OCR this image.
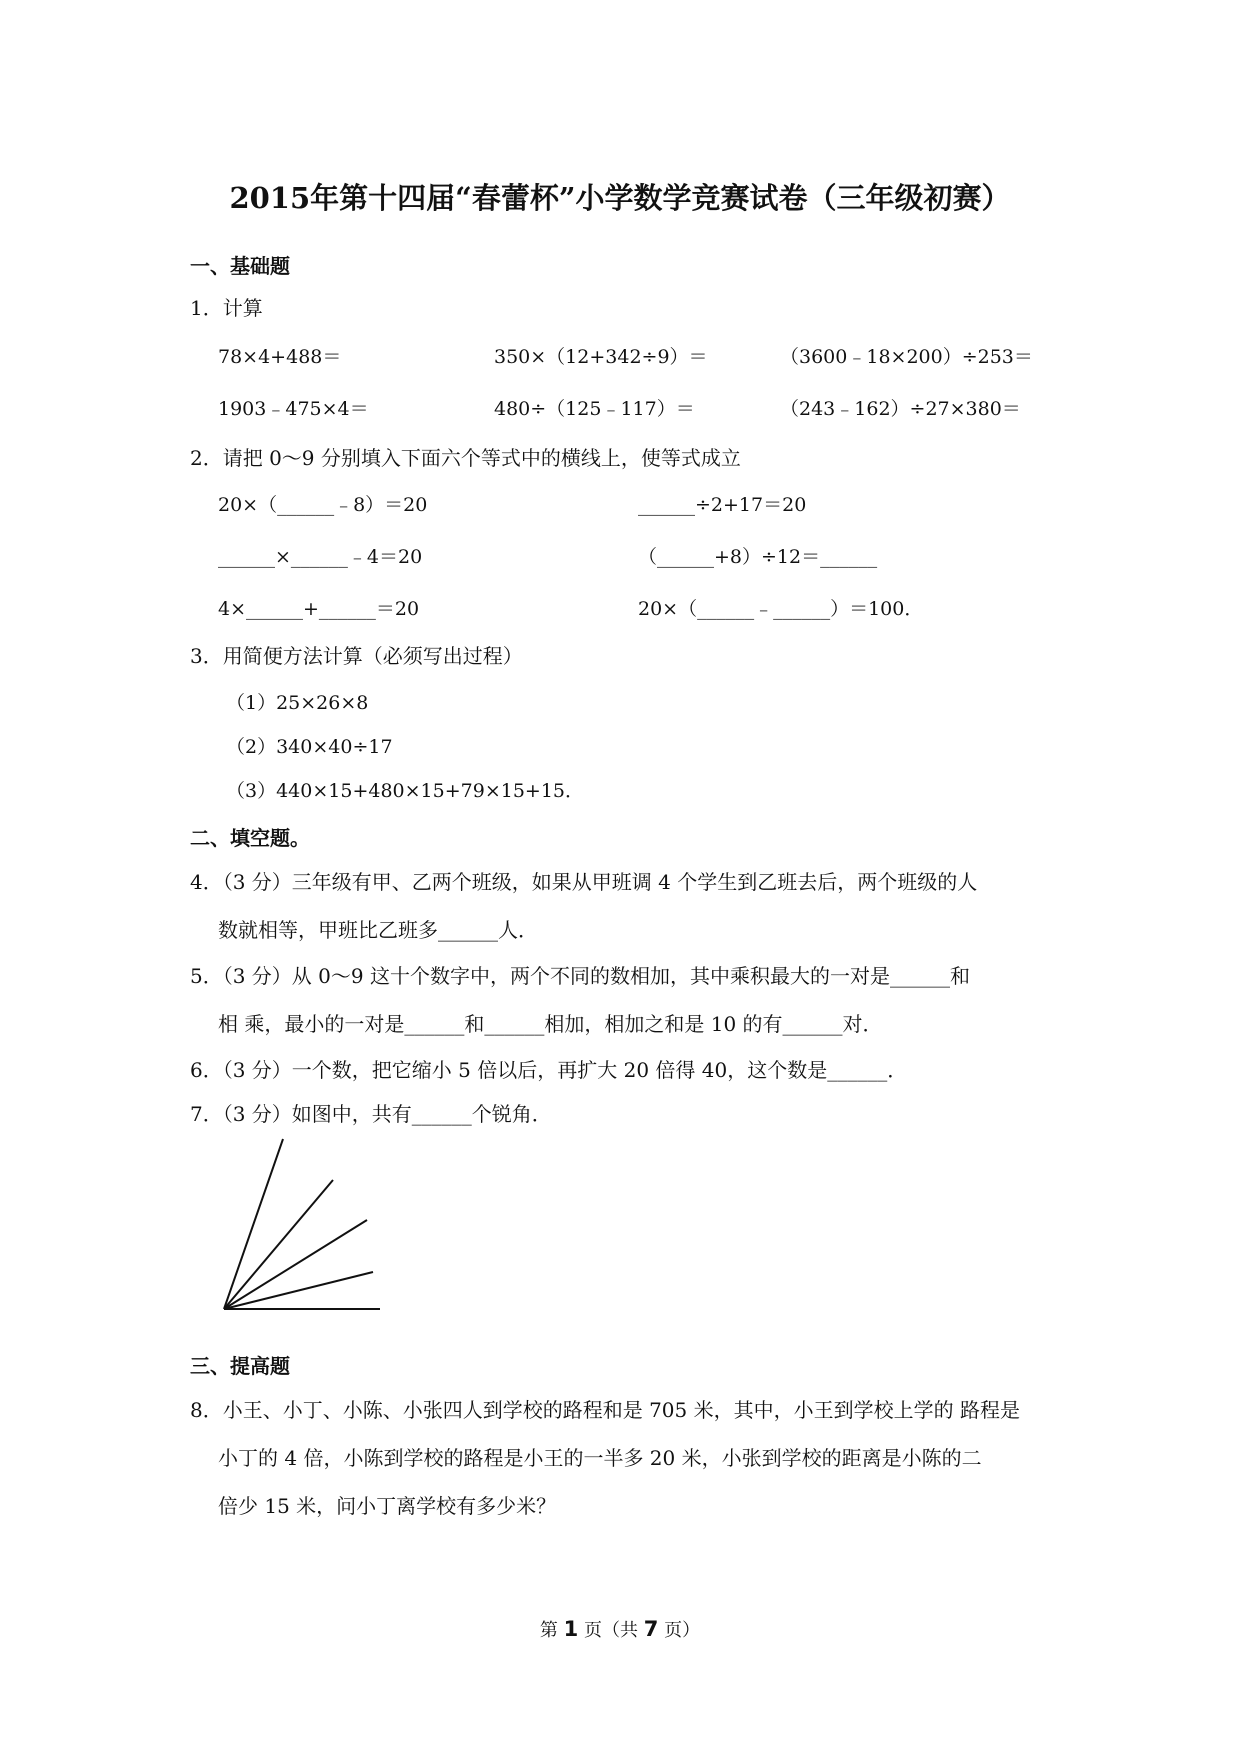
2015年第十四届“春蕾杯”小学数学竞赛试卷（三年级初赛）
一、基础题
1．计算
78×4+488＝	350×（12+342÷9）＝	（3600﹣18×200）÷253＝
1903﹣475×4＝	480÷（125﹣117）＝	（243﹣162）÷27×380＝
2．请把 0～9 分别填入下面六个等式中的横线上，使等式成立
20×（______﹣8）＝20	______÷2+17＝20
______×______﹣4＝20	（______+8）÷12＝______
4×______+______＝20	20×（______﹣______）＝100．
3．用简便方法计算（必须写出过程）
（1）25×26×8
（2）340×40÷17
（3）440×15+480×15+79×15+15．
二、填空题。
4．（3 分）三年级有甲、乙两个班级，如果从甲班调 4 个学生到乙班去后，两个班级的人
数就相等，甲班比乙班多______人．
5．（3 分）从 0～9 这十个数字中，两个不同的数相加，其中乘积最大的一对是______和
相 乘，最小的一对是______和______相加，相加之和是 10 的有______对．
6．（3 分）一个数，把它缩小 5 倍以后，再扩大 20 倍得 40，这个数是______．
7．（3 分）如图中，共有______个锐角．
三、提高题
8．小王、小丁、小陈、小张四人到学校的路程和是 705 米，其中，小王到学校上学的 路程是
小丁的 4 倍，小陈到学校的路程是小王的一半多 20 米，小张到学校的距离是小陈的二
倍少 15 米，问小丁离学校有多少米？
第 1 页（共 7 页）
